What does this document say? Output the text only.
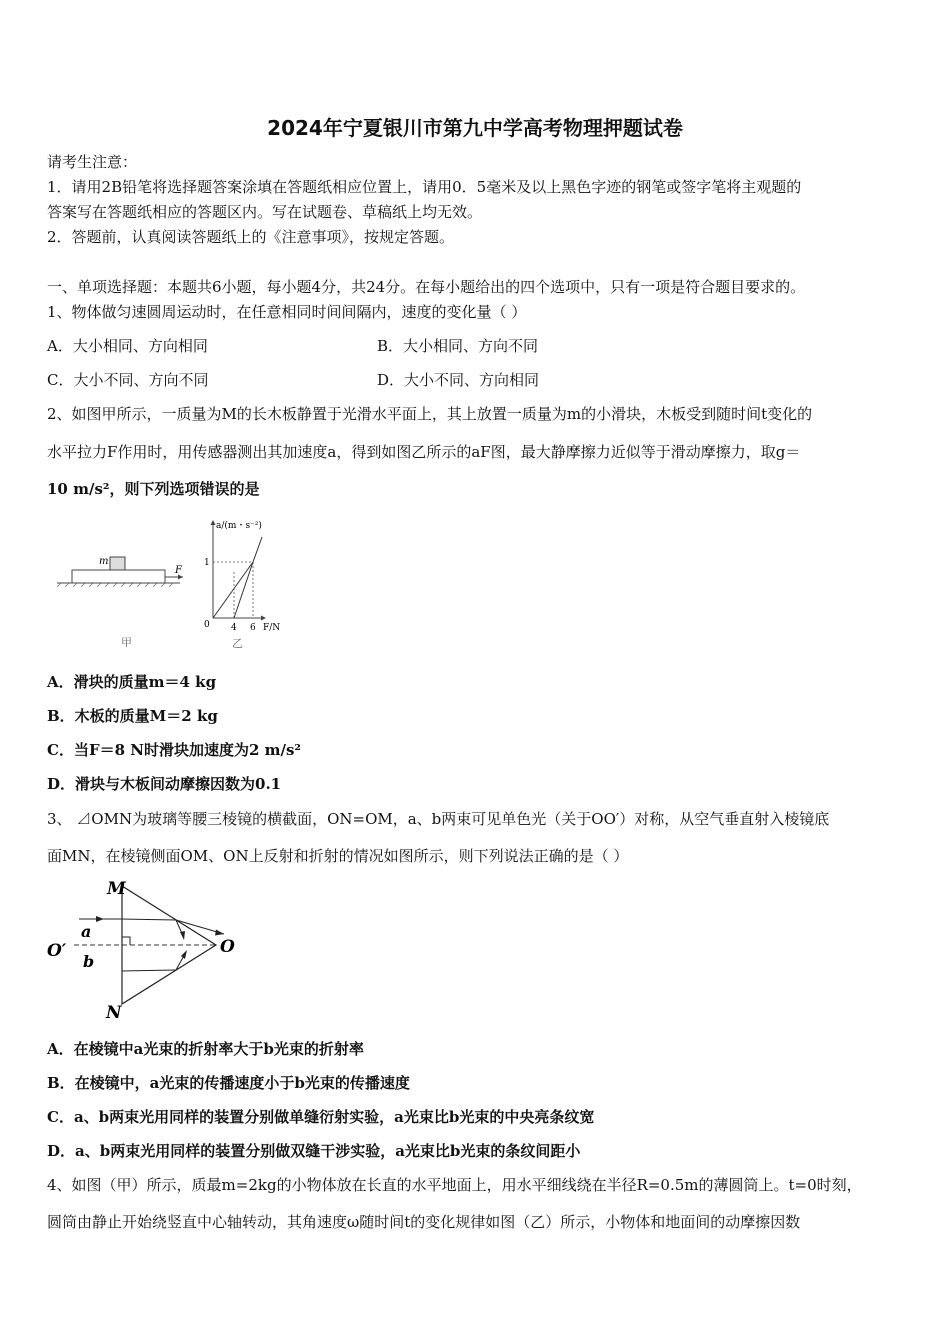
2024年宁夏银川市第九中学高考物理押题试卷
请考生注意：
1．请用2B铅笔将选择题答案涂填在答题纸相应位置上，请用0．5毫米及以上黑色字迹的钢笔或签字笔将主观题的
答案写在答题纸相应的答题区内。写在试题卷、草稿纸上均无效。
2．答题前，认真阅读答题纸上的《注意事项》，按规定答题。
一、单项选择题：本题共6小题，每小题4分，共24分。在每小题给出的四个选项中，只有一项是符合题目要求的。
1、物体做匀速圆周运动时，在任意相同时间间隔内，速度的变化量（ ）
A．大小相同、方向相同	B．大小相同、方向不同
C．大小不同、方向不同	D．大小不同、方向相同
2、如图甲所示，一质量为M的长木板静置于光滑水平面上，其上放置一质量为m的小滑块，木板受到随时间t变化的
水平拉力F作用时，用传感器测出其加速度a，得到如图乙所示的aF图，最大静摩擦力近似等于滑动摩擦力，取g＝
10 m/s²，则下列选项错误的是
m
F
甲
a/(m・s⁻²)
1
0 4 6 F/N
乙
A．滑块的质量m＝4 kg
B．木板的质量M＝2 kg
C．当F＝8 N时滑块加速度为2 m/s²
D．滑块与木板间动摩擦因数为0.1
3、 ⊿OMN为玻璃等腰三棱镜的横截面，ON=OM，a、b两束可见单色光（关于OO′）对称，从空气垂直射入棱镜底
面MN，在棱镜侧面OM、ON上反射和折射的情况如图所示，则下列说法正确的是（ ）
M
N
O
O′
a
b
A．在棱镜中a光束的折射率大于b光束的折射率
B．在棱镜中，a光束的传播速度小于b光束的传播速度
C．a、b两束光用同样的装置分别做单缝衍射实验，a光束比b光束的中央亮条纹宽
D．a、b两束光用同样的装置分别做双缝干涉实验，a光束比b光束的条纹间距小
4、如图（甲）所示，质最m=2kg的小物体放在长直的水平地面上，用水平细线绕在半径R=0.5m的薄圆筒上。t=0时刻，
圆筒由静止开始绕竖直中心轴转动，其角速度ω随时间t的变化规律如图（乙）所示，小物体和地面间的动摩擦因数
